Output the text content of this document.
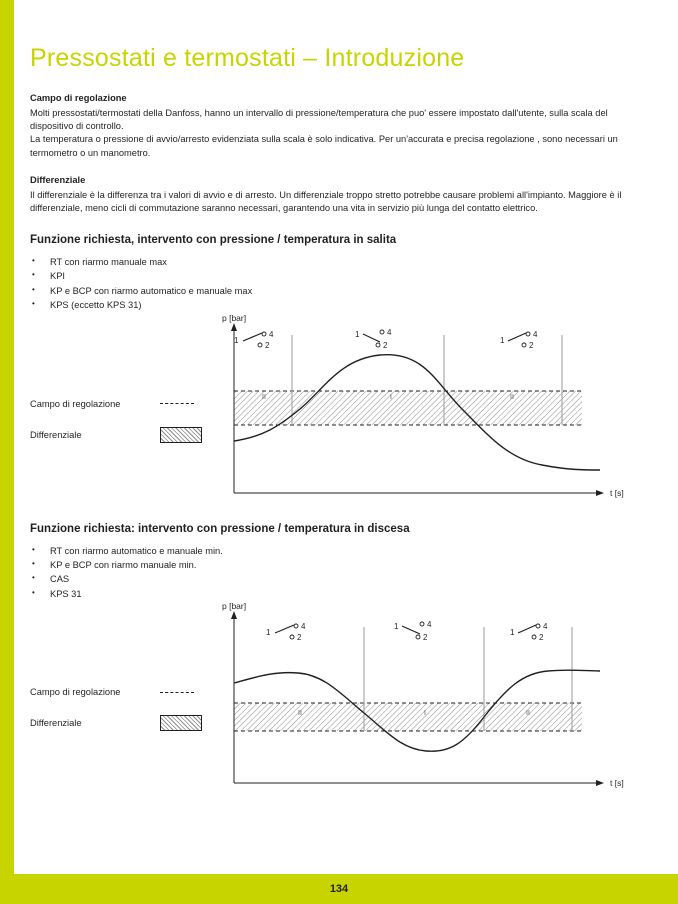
Pressostati e termostati – Introduzione

Campo di regolazione

Molti pressostati/termostati della Danfoss, hanno un intervallo di pressione/temperatura che puo' essere impostato dall'utente, sulla scala del dispositivo di controllo.

La temperatura o pressione di avvio/arresto evidenziata sulla scala è solo indicativa. Per un'accurata e precisa regolazione , sono necessari un termometro o un manometro.

Differenziale

Il differenziale è la differenza tra i valori di avvio e di arresto. Un differenziale troppo stretto potrebbe causare problemi all'impianto. Maggiore è il differenziale, meno cicli di commutazione saranno necessari, garantendo una vita in servizio più lunga del contatto elettrico.

Funzione richiesta, intervento con pressione / temperatura in salita

• RT con riarmo manuale max
• KPI
• KP e BCP con riarmo automatico e manuale max
• KPS (eccetto KPS 31)
Campo di regolazione
Differenziale
II	I	II
p [bar]
t [s]
1
4
2
1	4
2
1
4
2

Funzione richiesta: intervento con pressione / temperatura in discesa

• RT con riarmo automatico e manuale min.
• KP e BCP con riarmo manuale min.
• CAS
• KPS 31
Campo di regolazione
Differenziale
II	I	II
p [bar]
t [s]
1
4
2
1	4
2
1
4
2
134
